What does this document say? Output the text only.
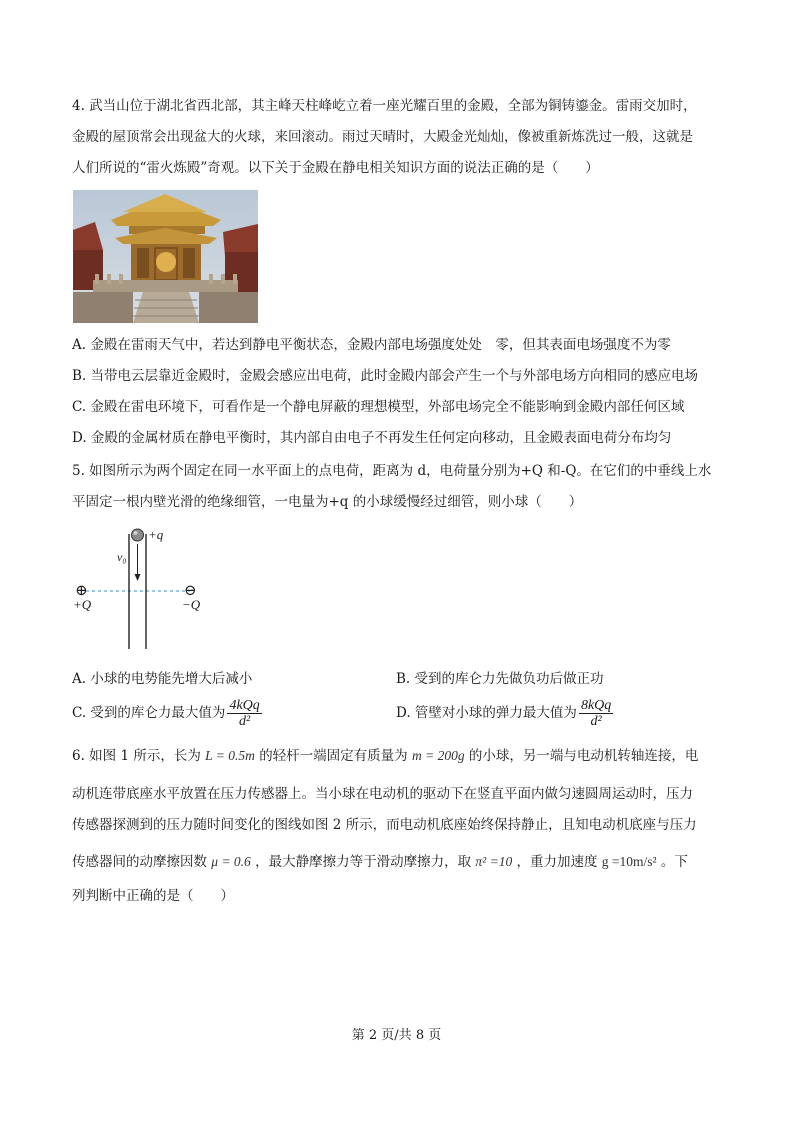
4. 武当山位于湖北省西北部，其主峰天柱峰屹立着一座光耀百里的金殿，全部为铜铸鎏金。雷雨交加时，
金殿的屋顶常会出现盆大的火球，来回滚动。雨过天晴时，大殿金光灿灿，像被重新炼洗过一般，这就是
人们所说的“雷火炼殿”奇观。以下关于金殿在静电相关知识方面的说法正确的是（　　）
A. 金殿在雷雨天气中，若达到静电平衡状态，金殿内部电场强度处处　零，但其表面电场强度不为零
B. 当带电云层靠近金殿时，金殿会感应出电荷，此时金殿内部会产生一个与外部电场方向相同的感应电场
C. 金殿在雷电环境下，可看作是一个静电屏蔽的理想模型，外部电场完全不能影响到金殿内部任何区域
D. 金殿的金属材质在静电平衡时，其内部自由电子不再发生任何定向移动，且金殿表面电荷分布均匀
5. 如图所示为两个固定在同一水平面上的点电荷，距离为 d，电荷量分别为+Q 和-Q。在它们的中垂线上水
平固定一根内壁光滑的绝缘细管，一电量为+q 的小球缓慢经过细管，则小球（　　）
+q
v₀
⊕
+Q
⊖
−Q
A. 小球的电势能先增大后减小	B. 受到的库仑力先做负功后做正功
C. 受到的库仑力最大值为 $\frac{\text{4kQq}}{\text{d²}}$	D. 管壁对小球的弹力最大值为 $\frac{\text{8kQq}}{\text{d²}}$
6. 如图 1 所示，长为 L = 0.5m 的轻杆一端固定有质量为 m = 200g 的小球，另一端与电动机转轴连接，电
动机连带底座水平放置在压力传感器上。当小球在电动机的驱动下在竖直平面内做匀速圆周运动时，压力
传感器探测到的压力随时间变化的图线如图 2 所示，而电动机底座始终保持静止，且知电动机底座与压力
传感器间的动摩擦因数 μ = 0.6 ，最大静摩擦力等于滑动摩擦力，取 π² =10 ，重力加速度 g =10m/s² 。下
列判断中正确的是（　　）
第 2 页/共 8 页
